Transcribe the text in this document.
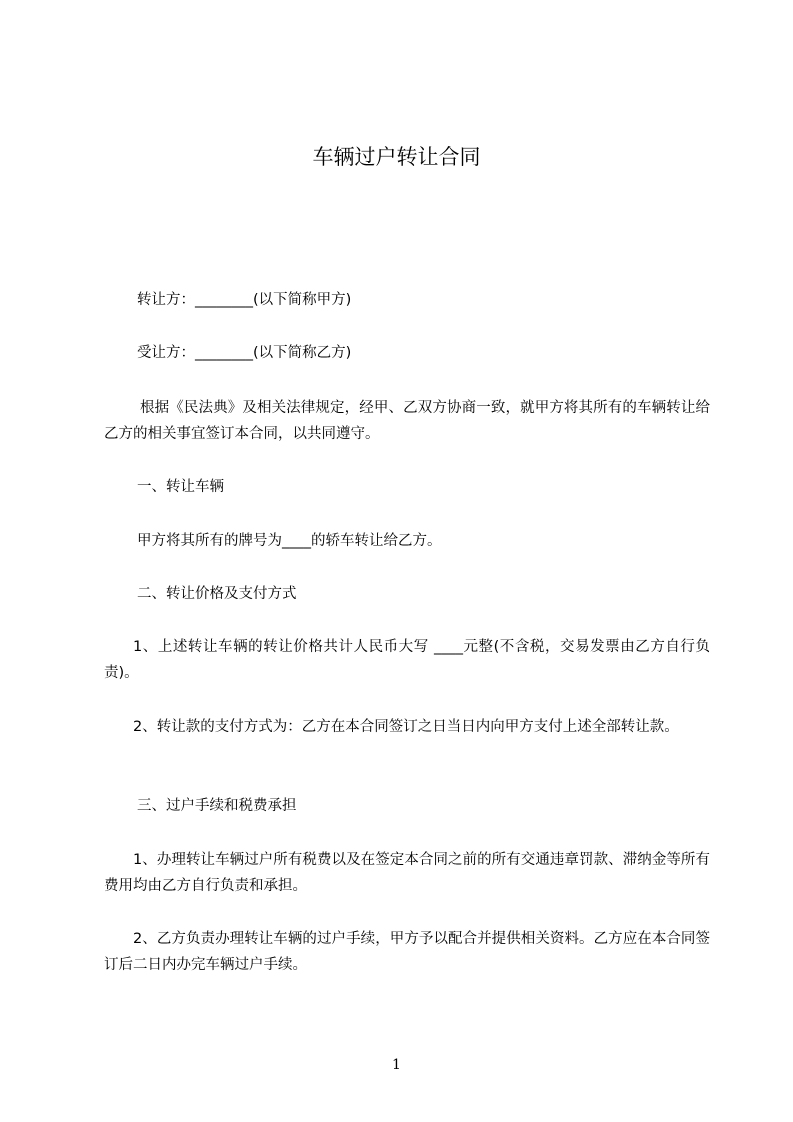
车辆过户转让合同

转让方：________(以下简称甲方)

受让方：________(以下简称乙方)

根据《民法典》及相关法律规定，经甲、乙双方协商一致，就甲方将其所有的车辆转让给乙方的相关事宜签订本合同，以共同遵守。

一、转让车辆

甲方将其所有的牌号为____的轿车转让给乙方。

二、转让价格及支付方式

1、上述转让车辆的转让价格共计人民币大写 ____元整(不含税，交易发票由乙方自行负责)。

2、转让款的支付方式为：乙方在本合同签订之日当日内向甲方支付上述全部转让款。

三、过户手续和税费承担

1、办理转让车辆过户所有税费以及在签定本合同之前的所有交通违章罚款、滞纳金等所有费用均由乙方自行负责和承担。

2、乙方负责办理转让车辆的过户手续，甲方予以配合并提供相关资料。乙方应在本合同签订后二日内办完车辆过户手续。

1
